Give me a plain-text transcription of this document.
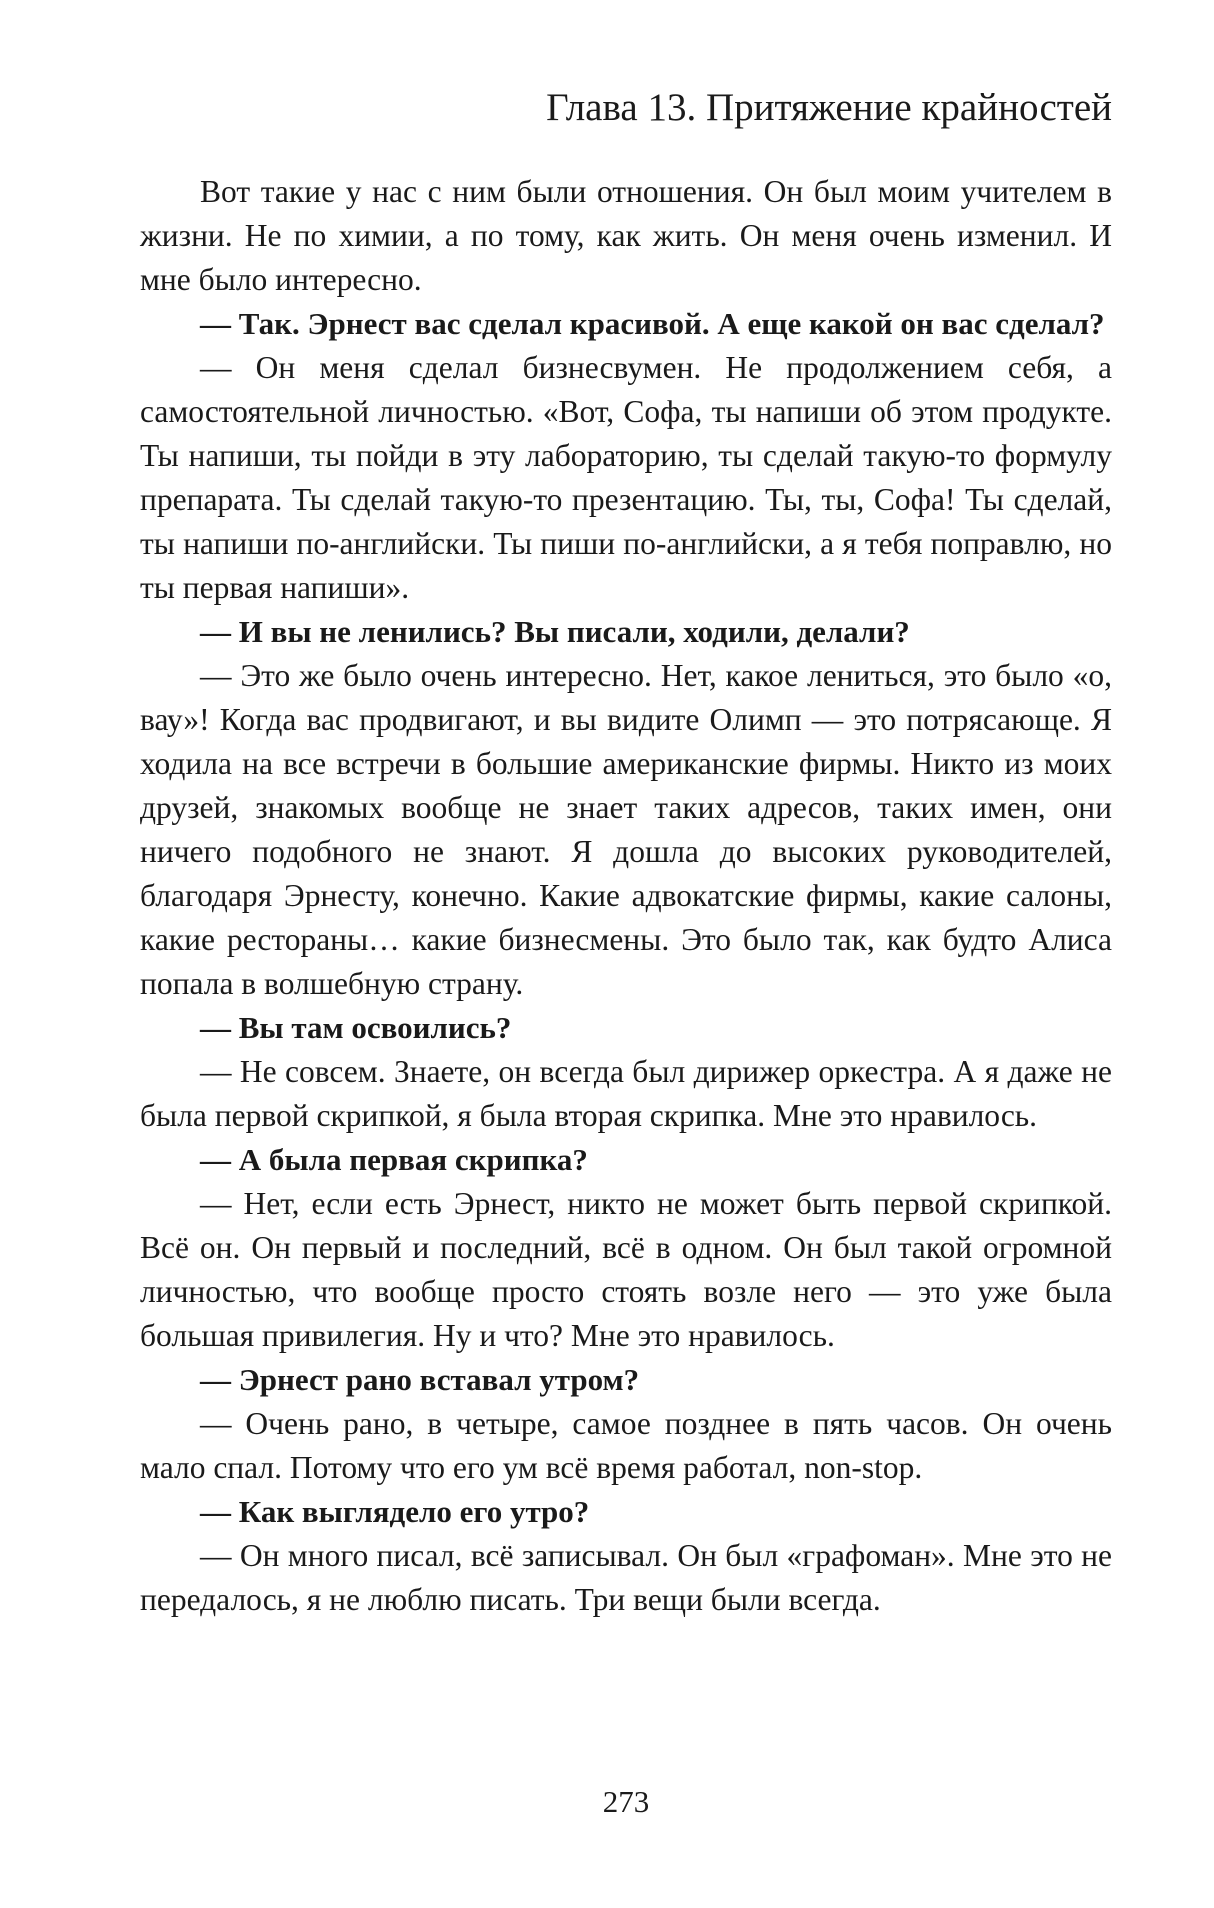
Глава 13. Притяжение крайностей

Вот такие у нас с ним были отношения. Он был моим учителем в жизни. Не по химии, а по тому, как жить. Он меня очень изменил. И мне было интересно.

— Так. Эрнест вас сделал красивой. А еще какой он вас сделал?

— Он меня сделал бизнесвумен. Не продолжением себя, а самостоятельной личностью. «Вот, Софа, ты напиши об этом продукте. Ты напиши, ты пойди в эту лабораторию, ты сделай такую-то формулу препарата. Ты сделай такую-то презентацию. Ты, ты, Софа! Ты сделай, ты напиши по-английски. Ты пиши по-английски, а я тебя поправлю, но ты первая напиши».

— И вы не ленились? Вы писали, ходили, делали?

— Это же было очень интересно. Нет, какое лениться, это было «о, вау»! Когда вас продвигают, и вы видите Олимп — это потрясающе. Я ходила на все встречи в большие американские фирмы. Никто из моих друзей, знакомых вообще не знает таких адресов, таких имен, они ничего подобного не знают. Я дошла до высоких руководителей, благодаря Эрнесту, конечно. Какие адвокатские фирмы, какие салоны, какие рестораны… какие бизнесмены. Это было так, как будто Алиса попала в волшебную страну.

— Вы там освоились?

— Не совсем. Знаете, он всегда был дирижер оркестра. А я даже не была первой скрипкой, я была вторая скрипка. Мне это нравилось.

— А была первая скрипка?

— Нет, если есть Эрнест, никто не может быть первой скрипкой. Всё он. Он первый и последний, всё в одном. Он был такой огромной личностью, что вообще просто стоять возле него — это уже была большая привилегия. Ну и что? Мне это нравилось.

— Эрнест рано вставал утром?

— Очень рано, в четыре, самое позднее в пять часов. Он очень мало спал. Потому что его ум всё время работал, non-stop.

— Как выглядело его утро?

— Он много писал, всё записывал. Он был «графоман». Мне это не передалось, я не люблю писать. Три вещи были всегда.

273
